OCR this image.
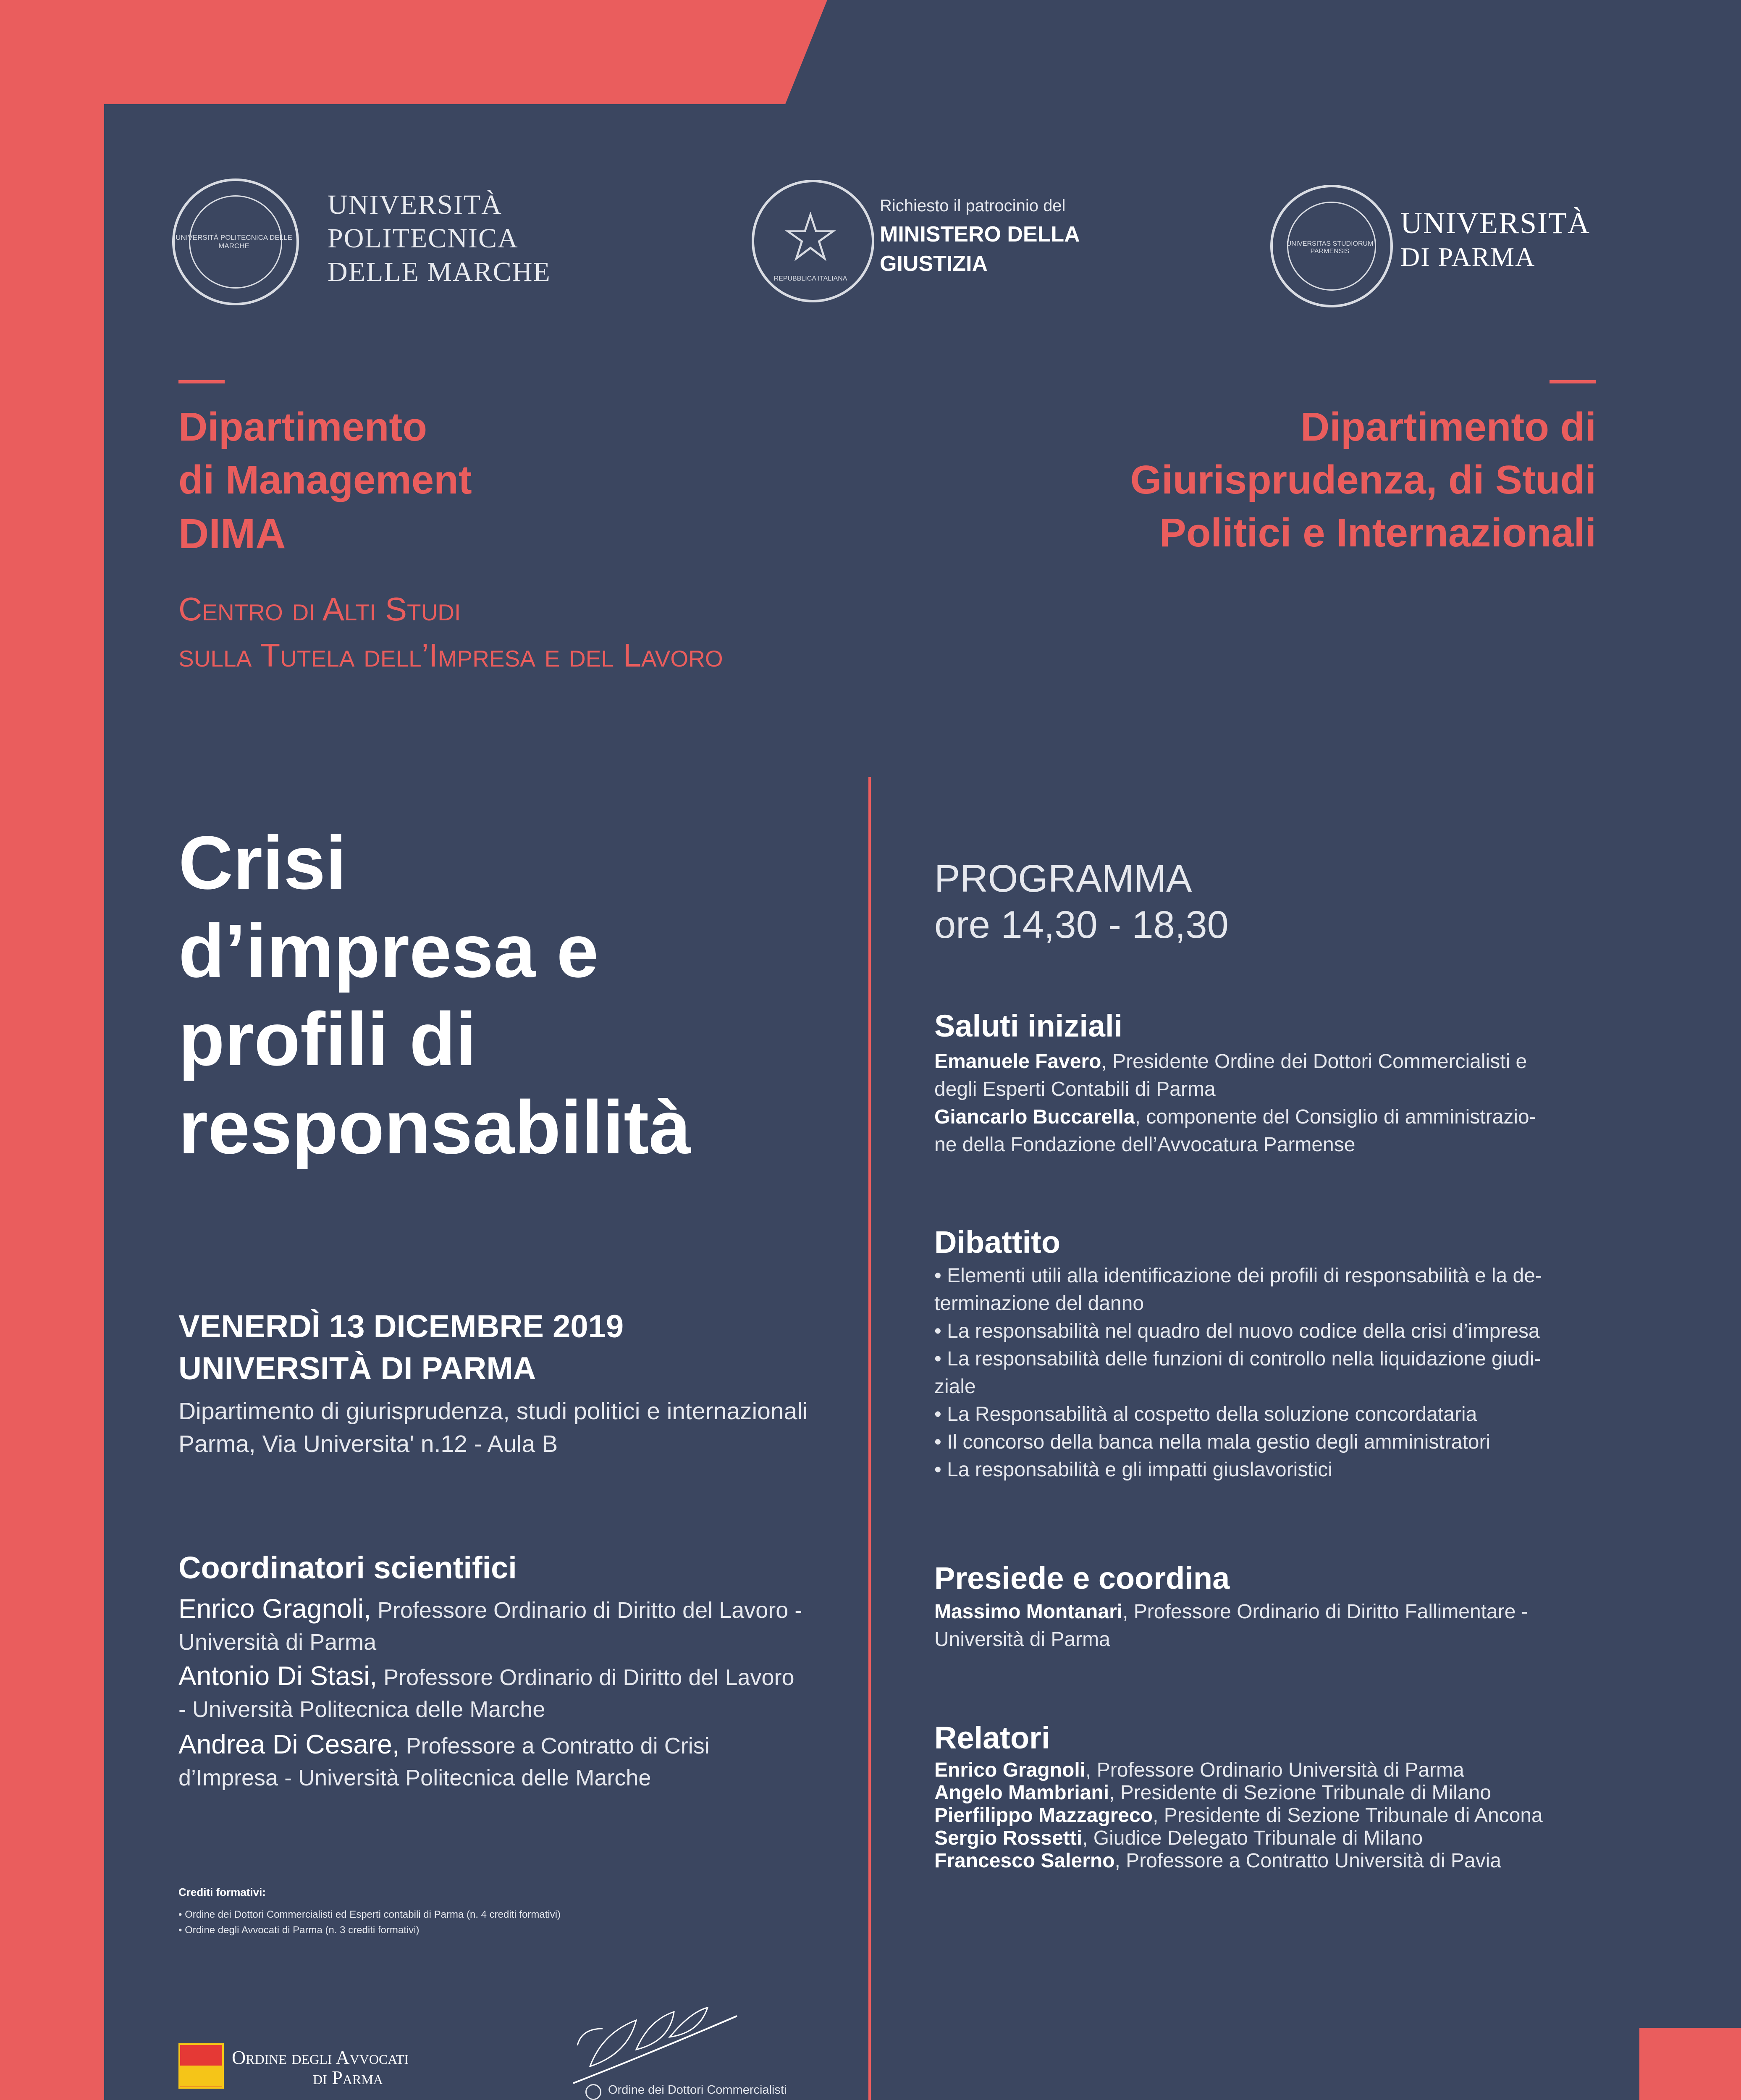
UNIVERSITÀ POLITECNICA DELLE MARCHE
UNIVERSITÀ
POLITECNICA
DELLE MARCHE	REPUBBLICA ITALIANA
Richiesto il patrocinio del
MINISTERO DELLA
GIUSTIZIA
UNIVERSITAS STUDIORUM PARMENSIS
UNIVERSITÀ
DI PARMA
Dipartimento
di Management
DIMA
Centro di Alti Studi
sulla Tutela dell’Impresa e del Lavoro
Dipartimento di
Giurisprudenza, di Studi
Politici e Internazionali
Crisi
d’impresa e
profili di
responsabilità
VENERDÌ 13 DICEMBRE 2019
UNIVERSITÀ DI PARMA
Dipartimento di giurisprudenza, studi politici e internazionali
Parma, Via Universita' n.12 - Aula B
Coordinatori scientifici
Enrico Gragnoli, Professore Ordinario di Diritto del Lavoro -
Università di Parma
Antonio Di Stasi, Professore Ordinario di Diritto del Lavoro
- Università Politecnica delle Marche
Andrea Di Cesare, Professore a Contratto di Crisi
d’Impresa - Università Politecnica delle Marche
Crediti formativi:
• Ordine dei Dottori Commercialisti ed Esperti contabili di Parma (n. 4 crediti formativi)
• Ordine degli Avvocati di Parma (n. 3 crediti formativi)
Ordine degli Avvocati
di Parma
Ordine dei Dottori Commercialisti
PROGRAMMA
ore 14,30 - 18,30
Saluti iniziali
Emanuele Favero, Presidente Ordine dei Dottori Commercialisti e
degli Esperti Contabili di Parma
Giancarlo Buccarella, componente del Consiglio di amministrazio-
ne della Fondazione dell’Avvocatura Parmense
Dibattito
• Elementi utili alla identificazione dei profili di responsabilità e la de-
terminazione del danno
• La responsabilità nel quadro del nuovo codice della crisi d’impresa
• La responsabilità delle funzioni di controllo nella liquidazione giudi-
ziale
• La Responsabilità al cospetto della soluzione concordataria
• Il concorso della banca nella mala gestio degli amministratori
• La responsabilità e gli impatti giuslavoristici
Presiede e coordina
Massimo Montanari, Professore Ordinario di Diritto Fallimentare -
Università di Parma
Relatori
Enrico Gragnoli, Professore Ordinario Università di Parma
Angelo Mambriani, Presidente di Sezione Tribunale di Milano
Pierfilippo Mazzagreco, Presidente di Sezione Tribunale di Ancona
Sergio Rossetti, Giudice Delegato Tribunale di Milano
Francesco Salerno, Professore a Contratto Università di Pavia
